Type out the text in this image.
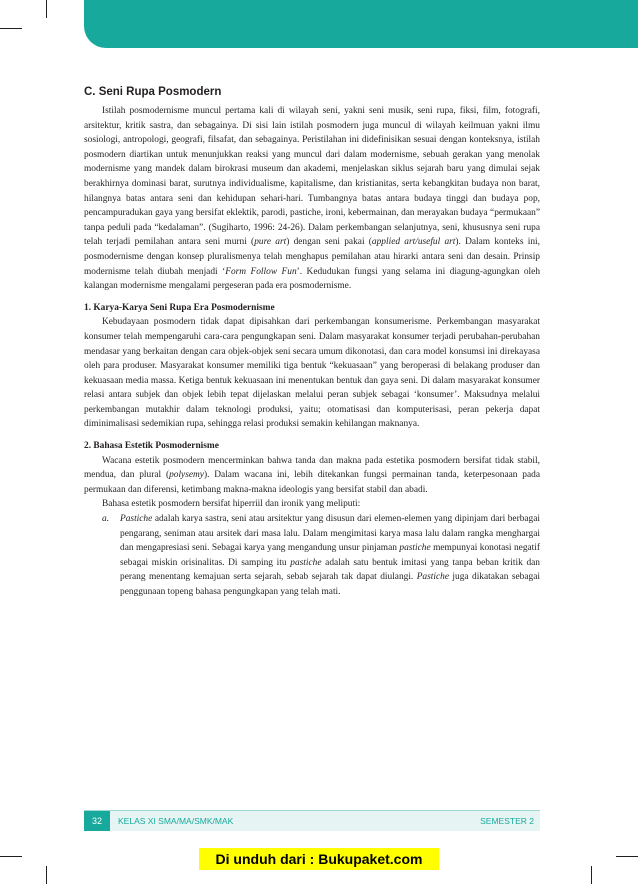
C. Seni Rupa Posmodern

Istilah posmodernisme muncul pertama kali di wilayah seni, yakni seni musik, seni rupa, fiksi, film, fotografi, arsitektur, kritik sastra, dan sebagainya. Di sisi lain istilah posmodern juga muncul di wilayah keilmuan yakni ilmu sosiologi, antropologi, geografi, filsafat, dan sebagainya. Peristilahan ini didefinisikan sesuai dengan konteksnya, istilah posmodern diartikan untuk menunjukkan reaksi yang muncul dari dalam modernisme, sebuah gerakan yang menolak modernisme yang mandek dalam birokrasi museum dan akademi, menjelaskan siklus sejarah baru yang dimulai sejak berakhirnya dominasi barat, surutnya individualisme, kapitalisme, dan kristianitas, serta kebangkitan budaya non barat, hilangnya batas antara seni dan kehidupan sehari-hari. Tumbangnya batas antara budaya tinggi dan budaya pop, pencampuradukan gaya yang bersifat eklektik, parodi, pastiche, ironi, kebermainan, dan merayakan budaya “permukaan” tanpa peduli pada “kedalaman”. (Sugiharto, 1996: 24-26). Dalam perkembangan selanjutnya, seni, khususnya seni rupa telah terjadi pemilahan antara seni murni (pure art) dengan seni pakai (applied art/useful art). Dalam konteks ini, posmodernisme dengan konsep pluralismenya telah menghapus pemilahan atau hirarki antara seni dan desain. Prinsip modernisme telah diubah menjadi ‘Form Follow Fun’. Kedudukan fungsi yang selama ini diagung-agungkan oleh kalangan modernisme mengalami pergeseran pada era posmodernisme.

1. Karya-Karya Seni Rupa Era Posmodernisme

Kebudayaan posmodern tidak dapat dipisahkan dari perkembangan konsumerisme. Perkembangan masyarakat konsumer telah mempengaruhi cara-cara pengungkapan seni. Dalam masyarakat konsumer terjadi perubahan-perubahan mendasar yang berkaitan dengan cara objek-objek seni secara umum dikonotasi, dan cara model konsumsi ini direkayasa oleh para produser. Masyarakat konsumer memiliki tiga bentuk “kekuasaan” yang beroperasi di belakang produser dan kekuasaan media massa. Ketiga bentuk kekuasaan ini menentukan bentuk dan gaya seni. Di dalam masyarakat konsumer relasi antara subjek dan objek lebih tepat dijelaskan melalui peran subjek sebagai ‘konsumer’. Maksudnya melalui perkembangan mutakhir dalam teknologi produksi, yaitu; otomatisasi dan komputerisasi, peran pekerja dapat diminimalisasi sedemikian rupa, sehingga relasi produksi semakin kehilangan maknanya.

2. Bahasa Estetik Posmodernisme

Wacana estetik posmodern mencerminkan bahwa tanda dan makna pada estetika posmodern bersifat tidak stabil, mendua, dan plural (polysemy). Dalam wacana ini, lebih ditekankan fungsi permainan tanda, keterpesonaan pada permukaan dan diferensi, ketimbang makna-makna ideologis yang bersifat stabil dan abadi.

Bahasa estetik posmodern bersifat hiperriil dan ironik yang meliputi:

a.	Pastiche adalah karya sastra, seni atau arsitektur yang disusun dari elemen-elemen yang dipinjam dari berbagai pengarang, seniman atau arsitek dari masa lalu. Dalam mengimitasi karya masa lalu dalam rangka menghargai dan mengapresiasi seni. Sebagai karya yang mengandung unsur pinjaman pastiche mempunyai konotasi negatif sebagai miskin orisinalitas. Di samping itu pastiche adalah satu bentuk imitasi yang tanpa beban kritik dan perang menentang kemajuan serta sejarah, sebab sejarah tak dapat diulangi. Pastiche juga dikatakan sebagai penggunaan topeng bahasa pengungkapan yang telah mati.
32	KELAS XI SMA/MA/SMK/MAK	SEMESTER 2
Di unduh dari : Bukupaket.com
